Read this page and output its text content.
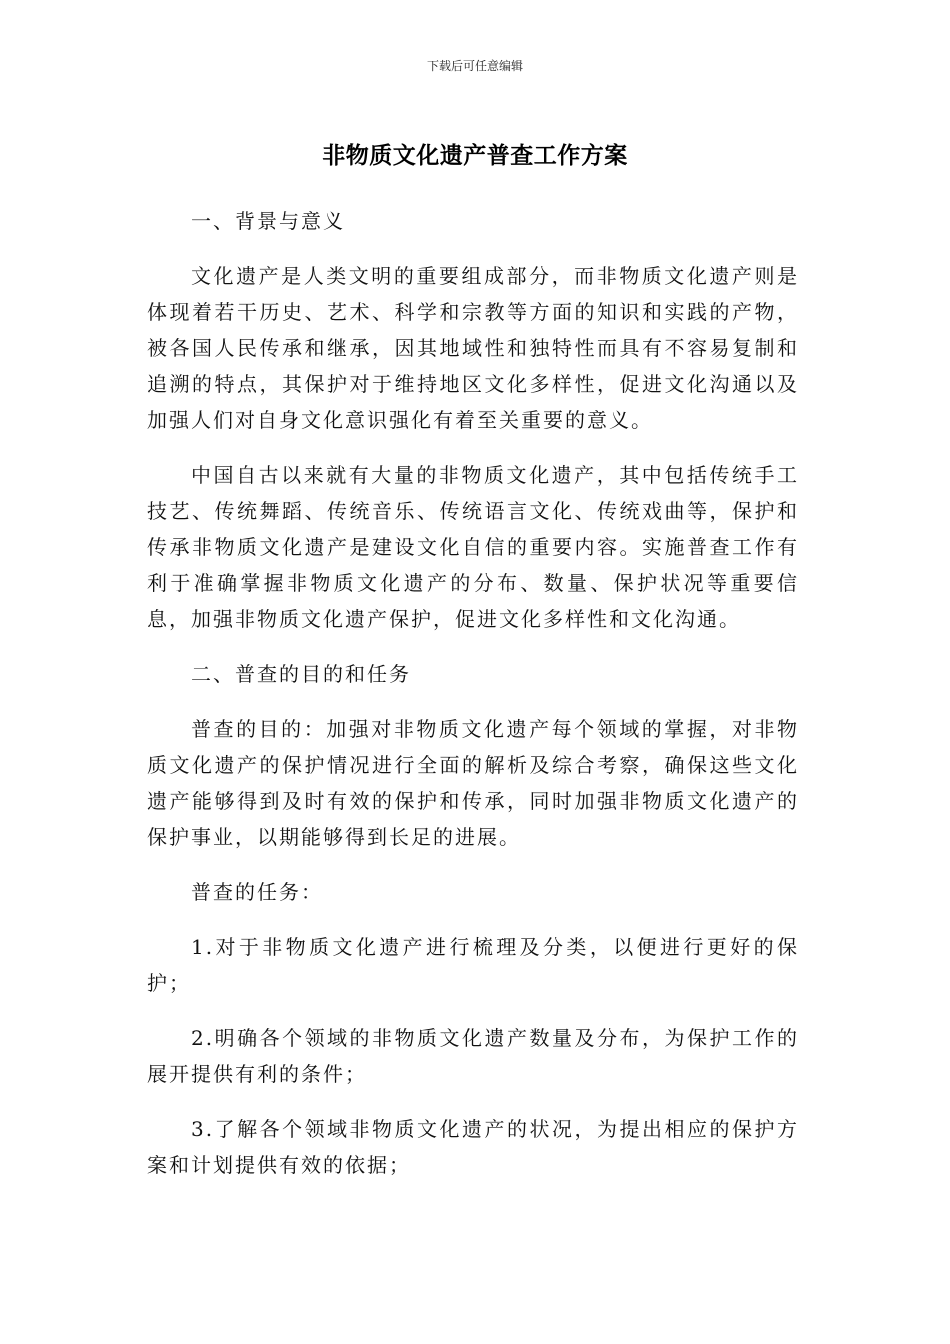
下载后可任意编辑
非物质文化遗产普查工作方案

一、背景与意义

文化遗产是人类文明的重要组成部分，而非物质文化遗产则是体现着若干历史、艺术、科学和宗教等方面的知识和实践的产物，被各国人民传承和继承，因其地域性和独特性而具有不容易复制和追溯的特点，其保护对于维持地区文化多样性，促进文化沟通以及加强人们对自身文化意识强化有着至关重要的意义。

中国自古以来就有大量的非物质文化遗产，其中包括传统手工技艺、传统舞蹈、传统音乐、传统语言文化、传统戏曲等，保护和传承非物质文化遗产是建设文化自信的重要内容。实施普查工作有利于准确掌握非物质文化遗产的分布、数量、保护状况等重要信息，加强非物质文化遗产保护，促进文化多样性和文化沟通。

二、普查的目的和任务

普查的目的：加强对非物质文化遗产每个领域的掌握，对非物质文化遗产的保护情况进行全面的解析及综合考察，确保这些文化遗产能够得到及时有效的保护和传承，同时加强非物质文化遗产的保护事业，以期能够得到长足的进展。

普查的任务：

1.对于非物质文化遗产进行梳理及分类，以便进行更好的保护；

2.明确各个领域的非物质文化遗产数量及分布，为保护工作的展开提供有利的条件；

3.了解各个领域非物质文化遗产的状况，为提出相应的保护方案和计划提供有效的依据；
